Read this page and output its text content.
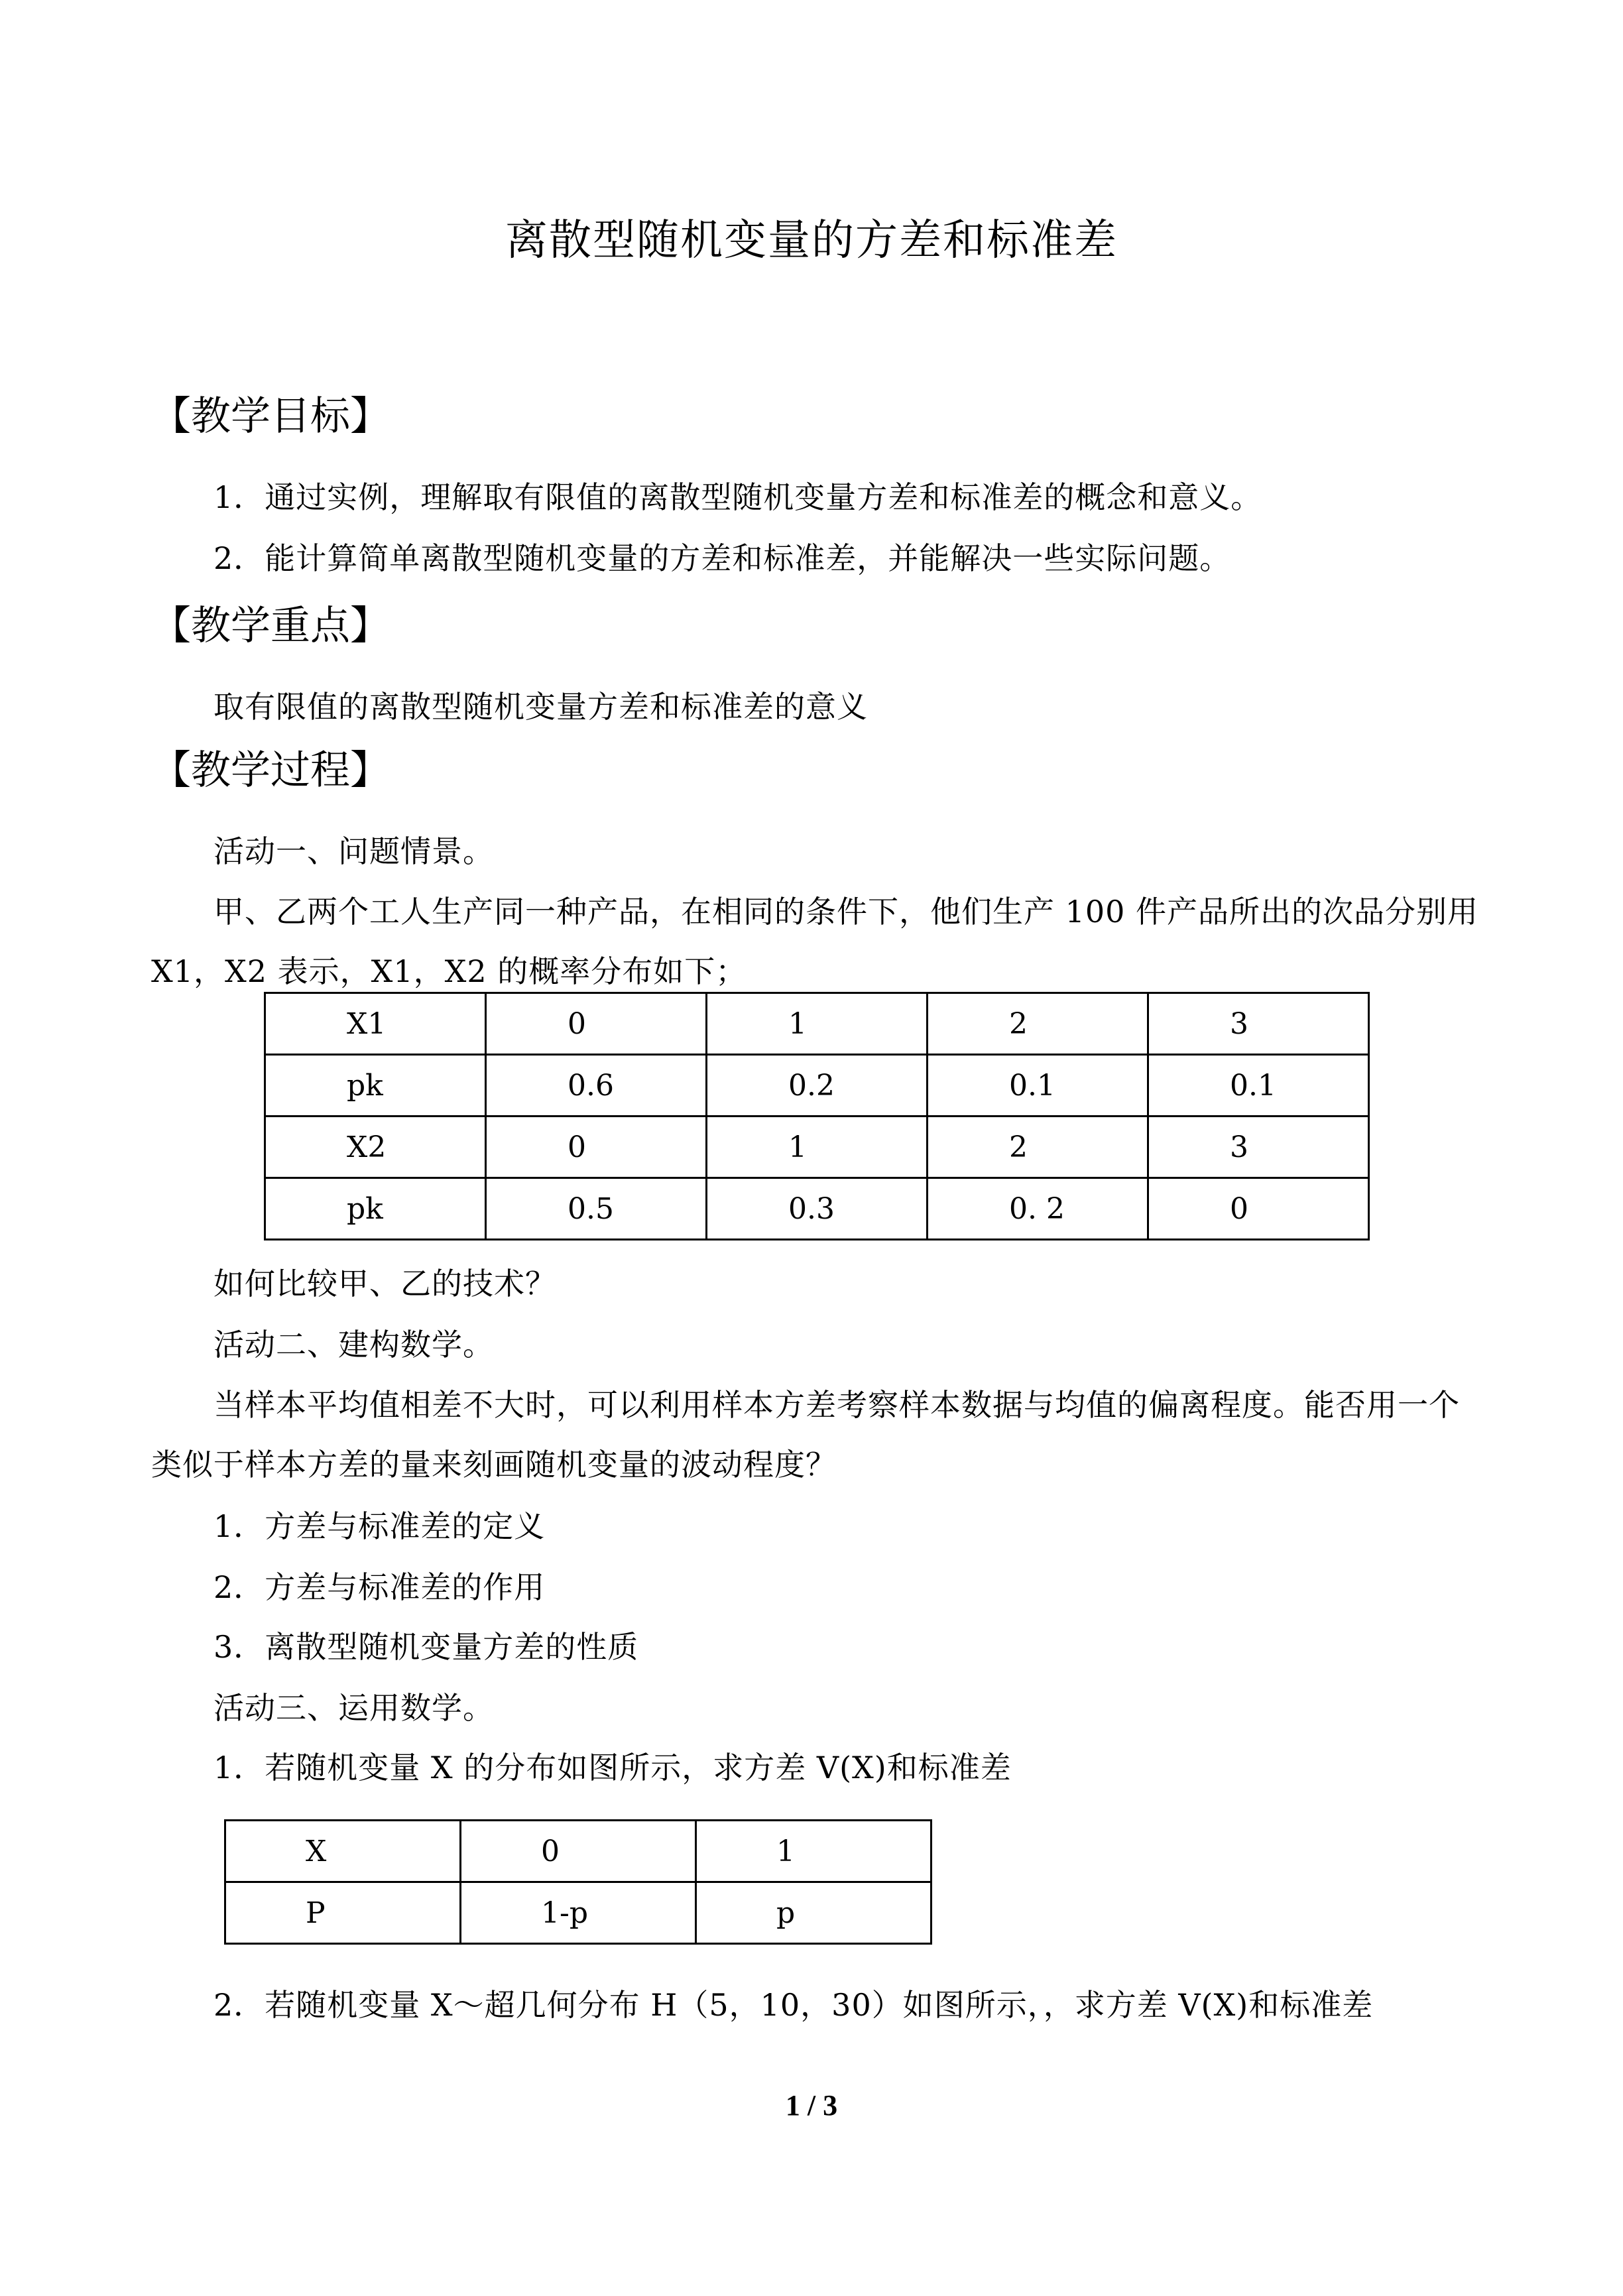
离散型随机变量的方差和标准差
【教学目标】
1．通过实例，理解取有限值的离散型随机变量方差和标准差的概念和意义。
2．能计算简单离散型随机变量的方差和标准差，并能解决一些实际问题。
【教学重点】
取有限值的离散型随机变量方差和标准差的意义
【教学过程】
活动一、问题情景。
甲、乙两个工人生产同一种产品，在相同的条件下，他们生产 100 件产品所出的次品分别用 X1，X2 表示，X1，X2 的概率分布如下；
X1	0	1	2	3

pk	0.6	0.2	0.1	0.1

X2	0	1	2	3

pk	0.5	0.3	0. 2	0
如何比较甲、乙的技术？
活动二、建构数学。
当样本平均值相差不大时，可以利用样本方差考察样本数据与均值的偏离程度。能否用一个类似于样本方差的量来刻画随机变量的波动程度？
1．方差与标准差的定义
2．方差与标准差的作用
3．离散型随机变量方差的性质
活动三、运用数学。
1．若随机变量 X 的分布如图所示，求方差 V(X)和标准差
X	0	1

P	1-p	p
2．若随机变量 X～超几何分布 H（5，10，30）如图所示，，求方差 V(X)和标准差
1 / 3
